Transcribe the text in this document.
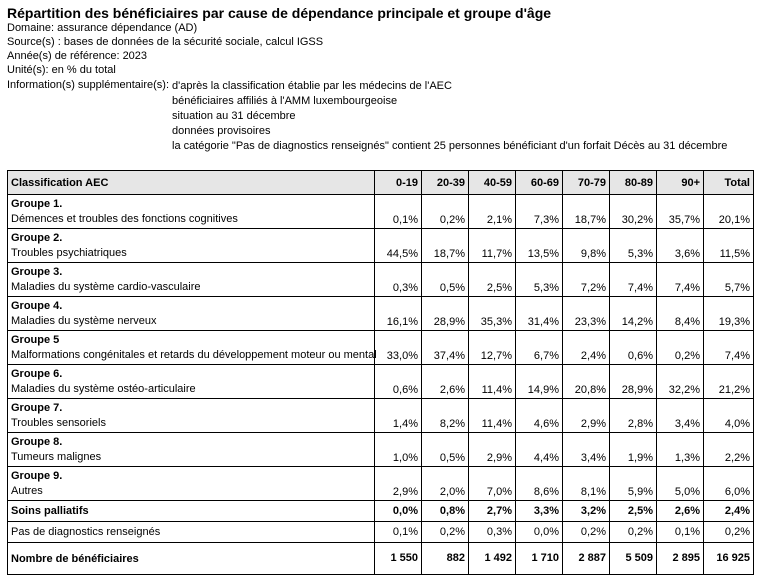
Répartition des bénéficiaires par cause de dépendance principale et groupe d'âge
Domaine: assurance dépendance (AD)
Source(s) : bases de données de la sécurité sociale, calcul IGSS
Année(s) de référence: 2023
Unité(s): en % du total
Information(s) supplémentaire(s): d'après la classification établie par les médecins de l'AEC
bénéficiaires affiliés à l'AMM luxembourgeoise
situation au 31 décembre
données provisoires
la catégorie "Pas de diagnostics renseignés" contient 25 personnes bénéficiant d'un forfait Décès au 31 décembre
Classification AEC	0-19	20-39	40-59	60-69	70-79	80-89	90+	Total

Groupe 1.
Démences et troubles des fonctions cognitives	0,1%	0,2%	2,1%	7,3%	18,7%	30,2%	35,7%	20,1%

Groupe 2.
Troubles psychiatriques	44,5%	18,7%	11,7%	13,5%	9,8%	5,3%	3,6%	11,5%

Groupe 3.
Maladies du système cardio-vasculaire	0,3%	0,5%	2,5%	5,3%	7,2%	7,4%	7,4%	5,7%

Groupe 4.
Maladies du système nerveux	16,1%	28,9%	35,3%	31,4%	23,3%	14,2%	8,4%	19,3%

Groupe 5
Malformations congénitales et retards du développement moteur ou mental	33,0%	37,4%	12,7%	6,7%	2,4%	0,6%	0,2%	7,4%

Groupe 6.
Maladies du système ostéo-articulaire	0,6%	2,6%	11,4%	14,9%	20,8%	28,9%	32,2%	21,2%

Groupe 7.
Troubles sensoriels	1,4%	8,2%	11,4%	4,6%	2,9%	2,8%	3,4%	4,0%

Groupe 8.
Tumeurs malignes	1,0%	0,5%	2,9%	4,4%	3,4%	1,9%	1,3%	2,2%

Groupe 9.
Autres	2,9%	2,0%	7,0%	8,6%	8,1%	5,9%	5,0%	6,0%
Soins palliatifs	0,0%	0,8%	2,7%	3,3%	3,2%	2,5%	2,6%	2,4%
Pas de diagnostics renseignés	0,1%	0,2%	0,3%	0,0%	0,2%	0,2%	0,1%	0,2%
Nombre de bénéficiaires	1 550	882	1 492	1 710	2 887	5 509	2 895	16 925
